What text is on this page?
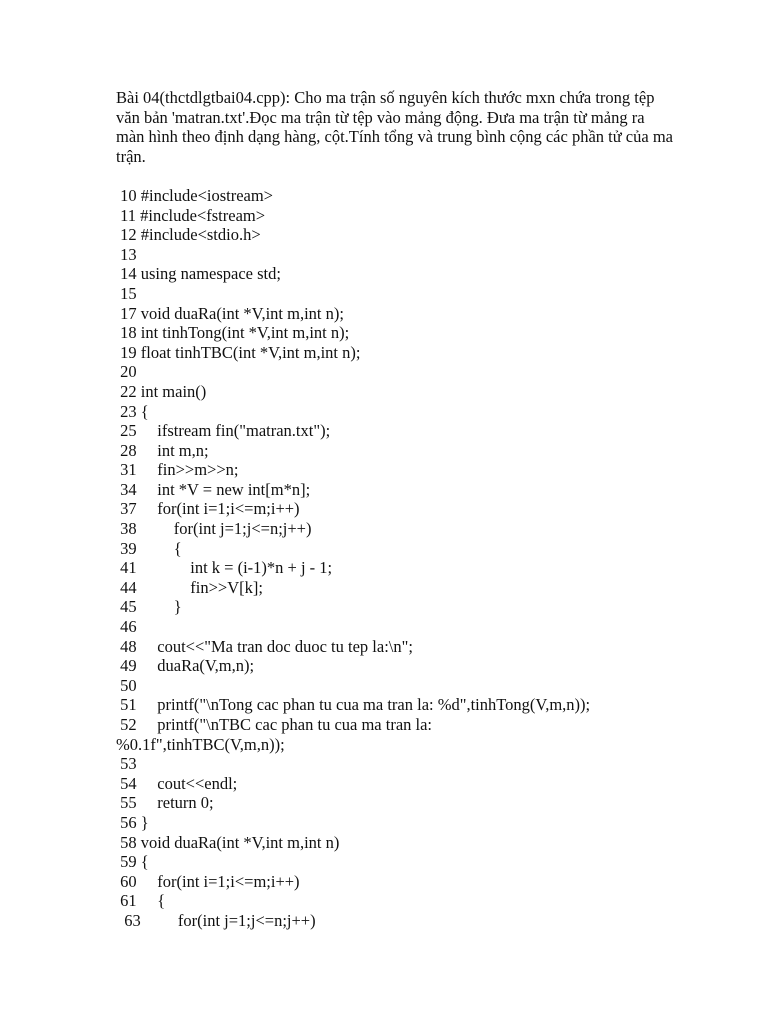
Bài 04(thctdlgtbai04.cpp): Cho ma trận số nguyên kích thước mxn chứa trong tệp văn bản 'matran.txt'.Đọc ma trận từ tệp vào mảng động. Đưa ma trận từ mảng ra màn hình theo định dạng hàng, cột.Tính tổng và trung bình cộng các phần tử của ma trận.

10 #include<iostream>
11 #include<fstream>
12 #include<stdio.h>
13
14 using namespace std;
15
17 void duaRa(int *V,int m,int n);
18 int tinhTong(int *V,int m,int n);
19 float tinhTBC(int *V,int m,int n);
20
22 int main()
23 {
25     ifstream fin("matran.txt");
28     int m,n;
31     fin>>m>>n;
34     int *V = new int[m*n];
37     for(int i=1;i<=m;i++)
38         for(int j=1;j<=n;j++)
39         {
41             int k = (i-1)*n + j - 1;
44             fin>>V[k];
45         }
46
48     cout<<"Ma tran doc duoc tu tep la:\n";
49     duaRa(V,m,n);
50
51     printf("\nTong cac phan tu cua ma tran la: %d",tinhTong(V,m,n));
52     printf("\nTBC cac phan tu cua ma tran la:
%0.1f",tinhTBC(V,m,n));
53
54     cout<<endl;
55     return 0;
56 }
58 void duaRa(int *V,int m,int n)
59 {
60     for(int i=1;i<=m;i++)
61     {
63         for(int j=1;j<=n;j++)
